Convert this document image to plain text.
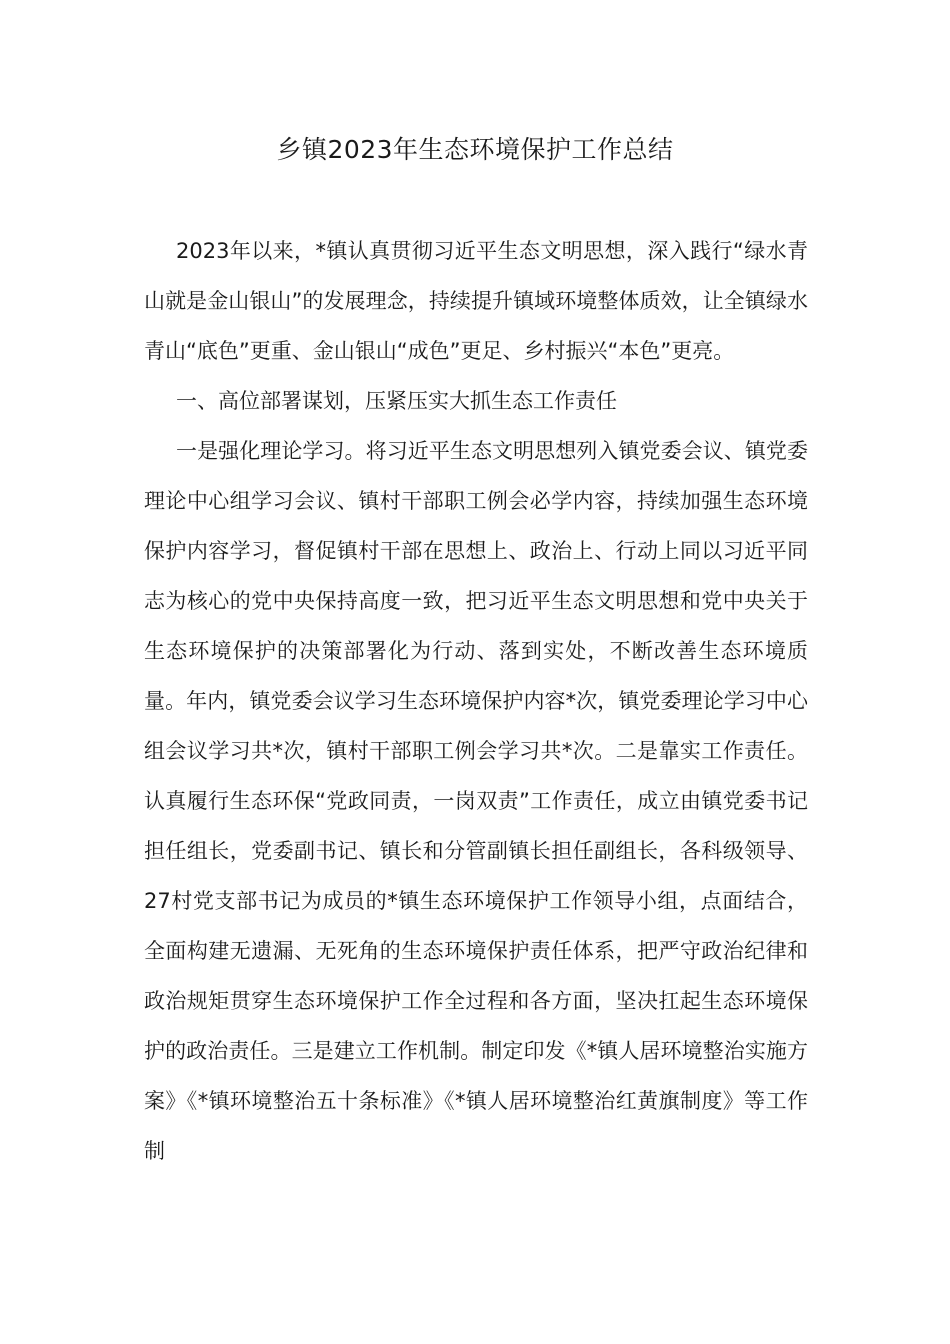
乡镇2023年生态环境保护工作总结

2023年以来，*镇认真贯彻习近平生态文明思想，深入践行“绿水青山就是金山银山”的发展理念，持续提升镇域环境整体质效，让全镇绿水青山“底色”更重、金山银山“成色”更足、乡村振兴“本色”更亮。

一、高位部署谋划，压紧压实大抓生态工作责任

一是强化理论学习。将习近平生态文明思想列入镇党委会议、镇党委理论中心组学习会议、镇村干部职工例会必学内容，持续加强生态环境保护内容学习，督促镇村干部在思想上、政治上、行动上同以习近平同志为核心的党中央保持高度一致，把习近平生态文明思想和党中央关于生态环境保护的决策部署化为行动、落到实处，不断改善生态环境质量。年内，镇党委会议学习生态环境保护内容*次，镇党委理论学习中心组会议学习共*次，镇村干部职工例会学习共*次。二是靠实工作责任。认真履行生态环保“党政同责，一岗双责”工作责任，成立由镇党委书记担任组长，党委副书记、镇长和分管副镇长担任副组长，各科级领导、27村党支部书记为成员的*镇生态环境保护工作领导小组，点面结合，全面构建无遗漏、无死角的生态环境保护责任体系，把严守政治纪律和政治规矩贯穿生态环境保护工作全过程和各方面，坚决扛起生态环境保护的政治责任。三是建立工作机制。制定印发《*镇人居环境整治实施方案》《*镇环境整治五十条标准》《*镇人居环境整治红黄旗制度》等工作制
